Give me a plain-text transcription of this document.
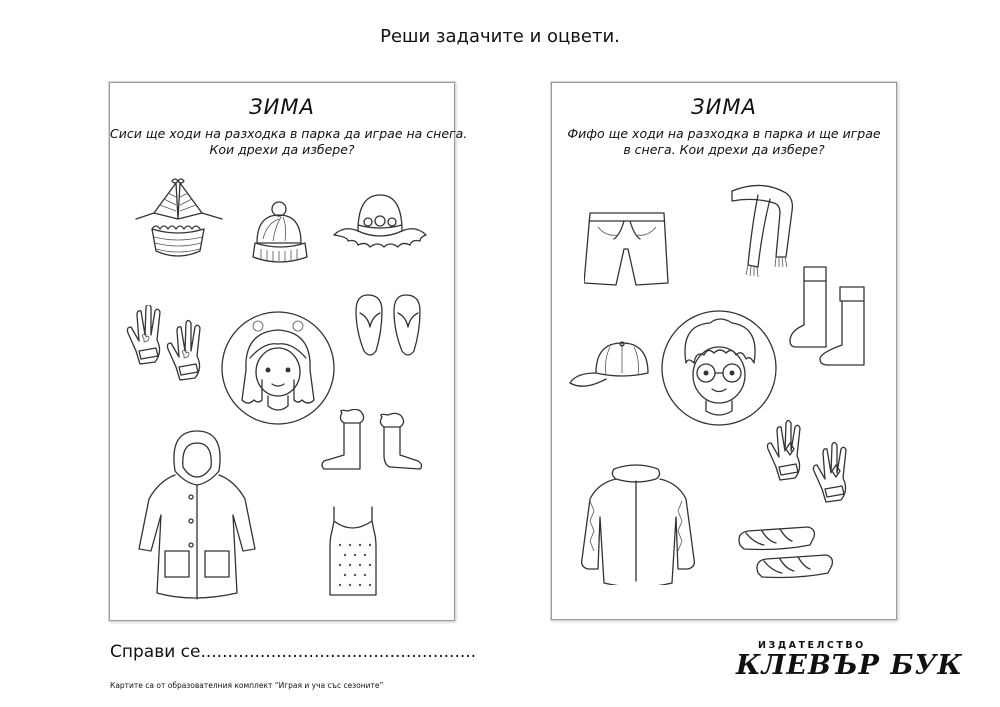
Реши задачите и оцвети.
ЗИМА
Сиси ще ходи на разходка в парка да играе на снега.
Кои дрехи да избере?
ЗИМА
Фифо ще ходи на разходка в парка и ще играе
в снега. Кои дрехи да избере?
Справи се...................................................
Картите са от образователния комплект “Играя и уча със сезоните”
ИЗДАТЕЛСТВО
КЛЕВЪР БУК
